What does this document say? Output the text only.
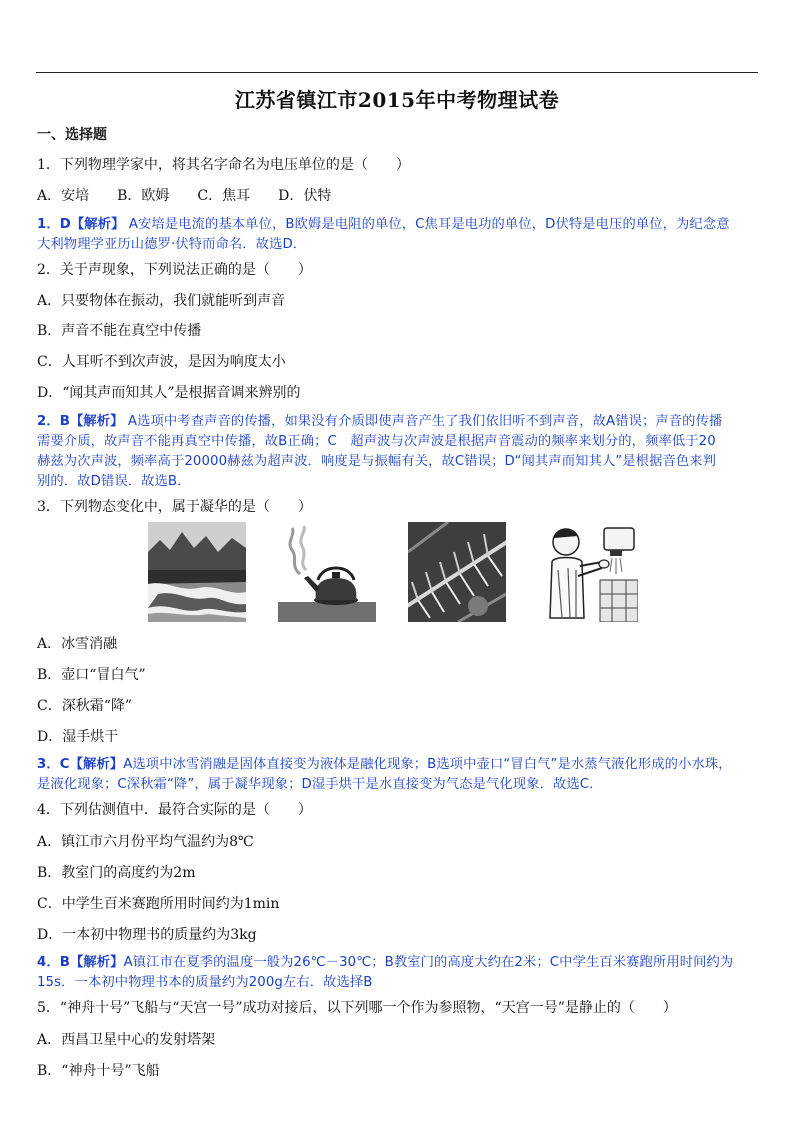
江苏省镇江市2015年中考物理试卷
一、选择题
1．下列物理学家中，将其名字命名为电压单位的是（　　）
A．安培　　B．欧姆　　C．焦耳　　D．伏特
1．D【解析】 A安培是电流的基本单位，B欧姆是电阻的单位，C焦耳是电功的单位，D伏特是电压的单位，为纪念意
大利物理学亚历山德罗·伏特而命名．故选D．
2．关于声现象，下列说法正确的是（　　）
A．只要物体在振动，我们就能听到声音
B．声音不能在真空中传播
C．人耳听不到次声波，是因为响度太小
D．“闻其声而知其人”是根据音调来辨别的
2．B【解析】 A选项中考查声音的传播，如果没有介质即使声音产生了我们依旧听不到声音，故A错误；声音的传播
需要介质，故声音不能再真空中传播，故B正确；C　超声波与次声波是根据声音震动的频率来划分的，频率低于20
赫兹为次声波，频率高于20000赫兹为超声波．响度是与振幅有关，故C错误；D“闻其声而知其人”是根据音色来判
别的．故D错误．故选B．
3．下列物态变化中，属于凝华的是（　　）
A．冰雪消融
B．壶口“冒白气”
C．深秋霜“降”
D．湿手烘干
3．C【解析】A选项中冰雪消融是固体直接变为液体是融化现象；B选项中壶口“冒白气”是水蒸气液化形成的小水珠，
是液化现象；C深秋霜“降”，属于凝华现象；D湿手烘干是水直接变为气态是气化现象．故选C．
4．下列估测值中．最符合实际的是（　　）
A．镇江市六月份平均气温约为8℃
B．教室门的高度约为2m
C．中学生百米赛跑所用时间约为1min
D．一本初中物理书的质量约为3kg
4．B【解析】A镇江市在夏季的温度一般为26℃－30℃；B教室门的高度大约在2米；C中学生百米赛跑所用时间约为
15s．一本初中物理书本的质量约为200g左右．故选择B
5．“神舟十号”飞船与“天宫一号”成功对接后，以下列哪一个作为参照物，“天宫一号”是静止的（　　）
A．西昌卫星中心的发射塔架
B．“神舟十号”飞船
